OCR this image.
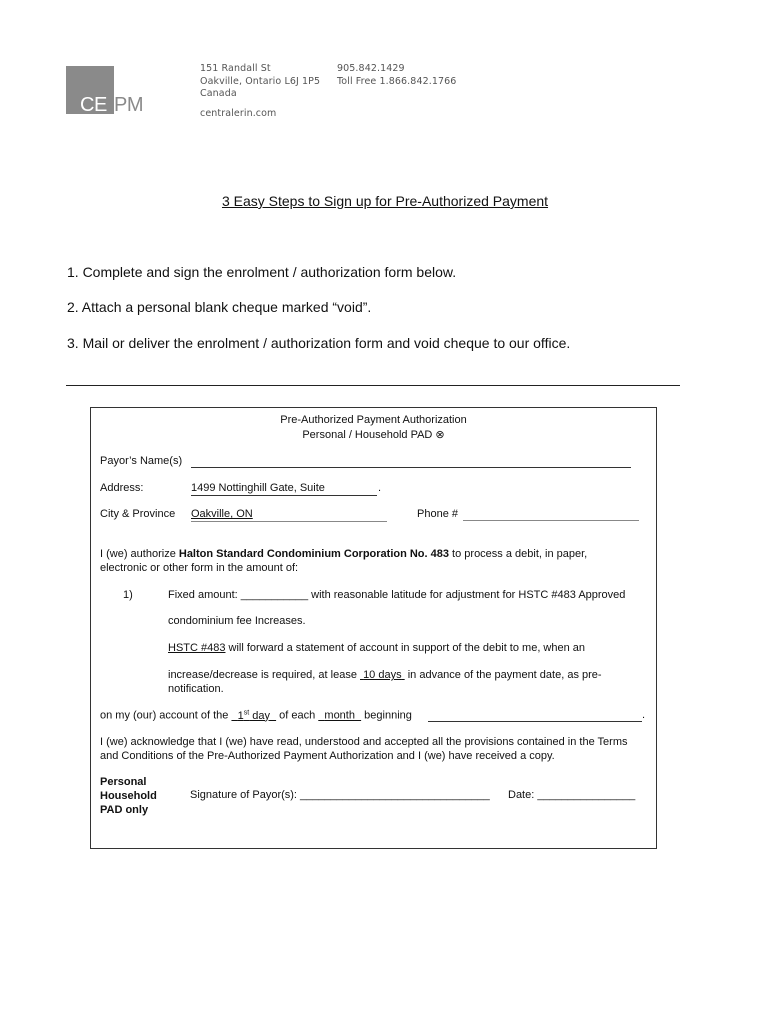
CE PM
151 Randall St
Oakville, Ontario L6J 1P5
Canada
905.842.1429
Toll Free 1.866.842.1766
centralerin.com
3 Easy Steps to Sign up for Pre-Authorized Payment
1. Complete and sign the enrolment / authorization form below.
2. Attach a personal blank cheque marked “void”.
3. Mail or deliver the enrolment / authorization form and void cheque to our office.
Pre-Authorized Payment Authorization
Personal / Household PAD ⊗
Payor’s Name(s)
Address:	1499 Nottinghill Gate, Suite	.
City & Province Oakville, ON	Phone #
I (we) authorize Halton Standard Condominium Corporation No. 483 to process a debit, in paper,
electronic or other form in the amount of:
1)	Fixed amount: ___________ with reasonable latitude for adjustment for HSTC #483 Approved
condominium fee Increases.
HSTC #483 will forward a statement of account in support of the debit to me, when an
increase/decrease is required, at lease  10 days  in advance of the payment date, as pre-
notification.
on my (our) account of the   1st day   of each   month   beginning	.
I (we) acknowledge that I (we) have read, understood and accepted all the provisions contained in the Terms
and Conditions of the Pre-Authorized Payment Authorization and I (we) have received a copy.
Personal
Household
PAD only
Signature of Payor(s): _______________________________ Date: ________________
